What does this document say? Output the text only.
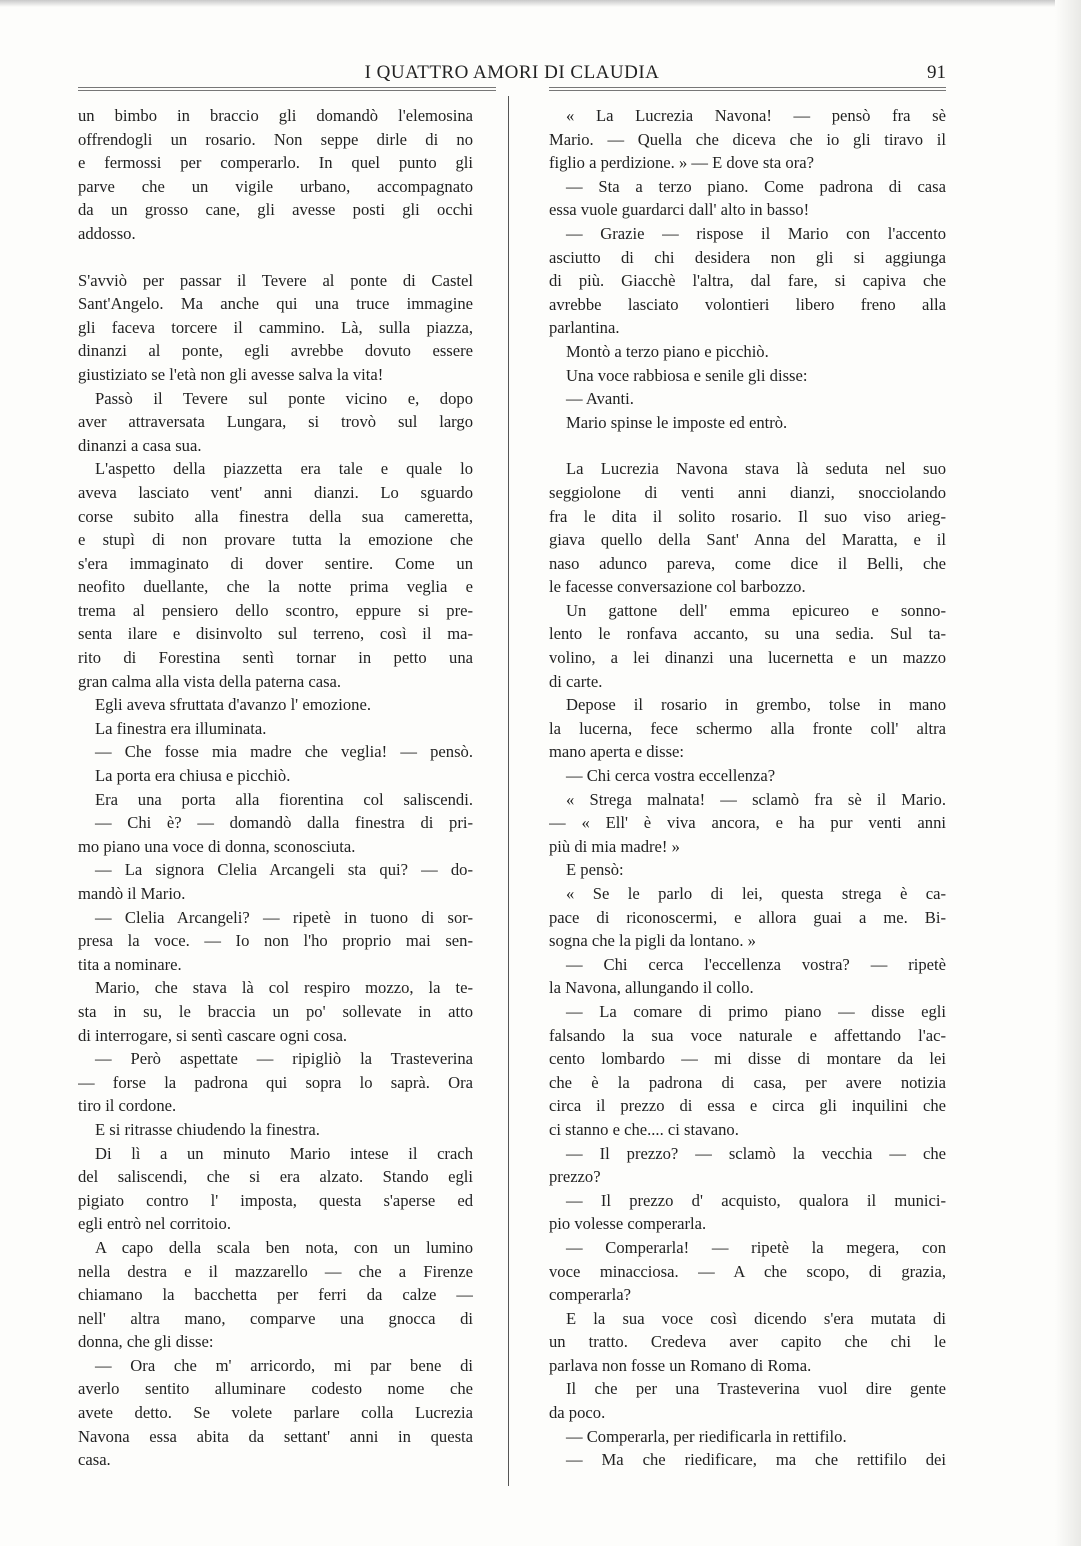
I QUATTRO AMORI DI CLAUDIA	91
un bimbo in braccio gli domandò l'elemosina
offrendogli un rosario. Non seppe dirle di no
e fermossi per comperarlo. In quel punto gli
parve che un vigile urbano, accompagnato
da un grosso cane, gli avesse posti gli occhi
addosso.
S'avviò per passar il Tevere al ponte di Castel
Sant'Angelo. Ma anche qui una truce immagine
gli faceva torcere il cammino. Là, sulla piazza,
dinanzi al ponte, egli avrebbe dovuto essere
giustiziato se l'età non gli avesse salva la vita!
Passò il Tevere sul ponte vicino e, dopo
aver attraversata Lungara, si trovò sul largo
dinanzi a casa sua.
L'aspetto della piazzetta era tale e quale lo
aveva lasciato vent' anni dianzi. Lo sguardo
corse subito alla finestra della sua cameretta,
e stupì di non provare tutta la emozione che
s'era immaginato di dover sentire. Come un
neofito duellante, che la notte prima veglia e
trema al pensiero dello scontro, eppure si pre-
senta ilare e disinvolto sul terreno, così il ma-
rito di Forestina sentì tornar in petto una
gran calma alla vista della paterna casa.
Egli aveva sfruttata d'avanzo l' emozione.
La finestra era illuminata.
— Che fosse mia madre che veglia! — pensò.
La porta era chiusa e picchiò.
Era una porta alla fiorentina col saliscendi.
— Chi è? — domandò dalla finestra di pri-
mo piano una voce di donna, sconosciuta.
— La signora Clelia Arcangeli sta qui? — do-
mandò il Mario.
— Clelia Arcangeli? — ripetè in tuono di sor-
presa la voce. — Io non l'ho proprio mai sen-
tita a nominare.
Mario, che stava là col respiro mozzo, la te-
sta in su, le braccia un po' sollevate in atto
di interrogare, si sentì cascare ogni cosa.
— Però aspettate — ripigliò la Trasteverina
— forse la padrona qui sopra lo saprà. Ora
tiro il cordone.
E si ritrasse chiudendo la finestra.
Di lì a un minuto Mario intese il crach
del saliscendi, che si era alzato. Stando egli
pigiato contro l' imposta, questa s'aperse ed
egli entrò nel corritoio.
A capo della scala ben nota, con un lumino
nella destra e il mazzarello — che a Firenze
chiamano la bacchetta per ferri da calze —
nell' altra mano, comparve una gnocca di
donna, che gli disse:
— Ora che m' arricordo, mi par bene di
averlo sentito alluminare codesto nome che
avete detto. Se volete parlare colla Lucrezia
Navona essa abita da settant' anni in questa
casa.
« La Lucrezia Navona! — pensò fra sè
Mario. — Quella che diceva che io gli tiravo il
figlio a perdizione. » — E dove sta ora?
— Sta a terzo piano. Come padrona di casa
essa vuole guardarci dall' alto in basso!
— Grazie — rispose il Mario con l'accento
asciutto di chi desidera non gli si aggiunga
di più. Giacchè l'altra, dal fare, si capiva che
avrebbe lasciato volontieri libero freno alla
parlantina.
Montò a terzo piano e picchiò.
Una voce rabbiosa e senile gli disse:
— Avanti.
Mario spinse le imposte ed entrò.
La Lucrezia Navona stava là seduta nel suo
seggiolone di venti anni dianzi, snocciolando
fra le dita il solito rosario. Il suo viso arieg-
giava quello della Sant' Anna del Maratta, e il
naso adunco pareva, come dice il Belli, che
le facesse conversazione col barbozzo.
Un gattone dell' emma epicureo e sonno-
lento le ronfava accanto, su una sedia. Sul ta-
volino, a lei dinanzi una lucernetta e un mazzo
di carte.
Depose il rosario in grembo, tolse in mano
la lucerna, fece schermo alla fronte coll' altra
mano aperta e disse:
— Chi cerca vostra eccellenza?
« Strega malnata! — sclamò fra sè il Mario.
— « Ell' è viva ancora, e ha pur venti anni
più di mia madre! »
E pensò:
« Se le parlo di lei, questa strega è ca-
pace di riconoscermi, e allora guai a me. Bi-
sogna che la pigli da lontano. »
— Chi cerca l'eccellenza vostra? — ripetè
la Navona, allungando il collo.
— La comare di primo piano — disse egli
falsando la sua voce naturale e affettando l'ac-
cento lombardo — mi disse di montare da lei
che è la padrona di casa, per avere notizia
circa il prezzo di essa e circa gli inquilini che
ci stanno e che.... ci stavano.
— Il prezzo? — sclamò la vecchia — che
prezzo?
— Il prezzo d' acquisto, qualora il munici-
pio volesse comperarla.
— Comperarla! — ripetè la megera, con
voce minacciosa. — A che scopo, di grazia,
comperarla?
E la sua voce così dicendo s'era mutata di
un tratto. Credeva aver capito che chi le
parlava non fosse un Romano di Roma.
Il che per una Trasteverina vuol dire gente
da poco.
— Comperarla, per riedificarla in rettifilo.
— Ma che riedificare, ma che rettifilo dei
